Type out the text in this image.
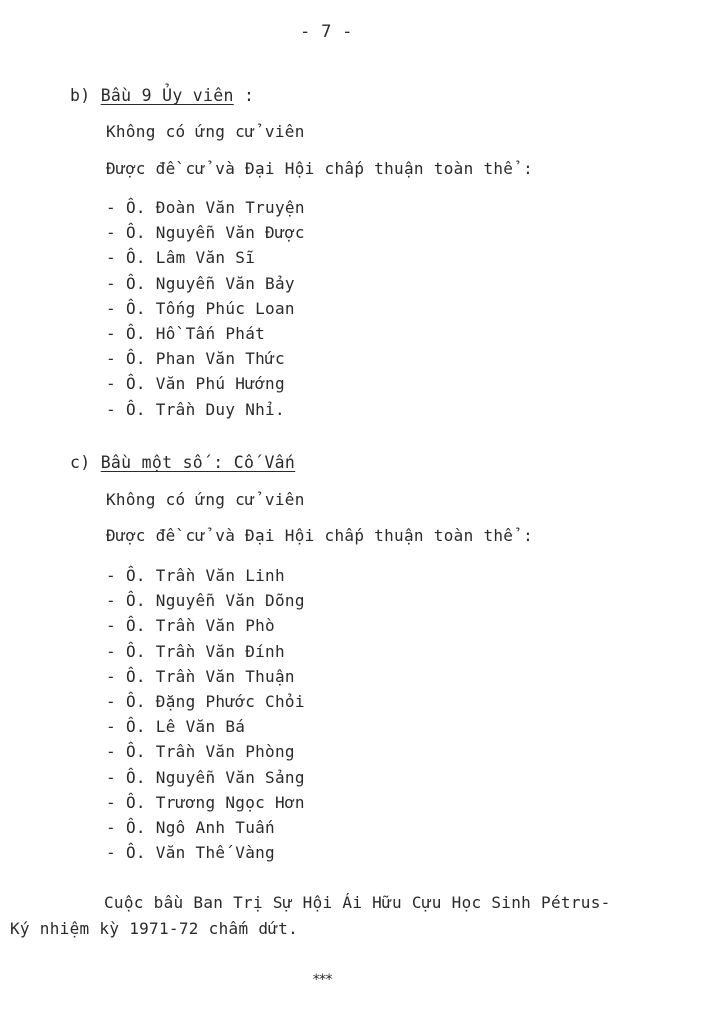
- 7 -
b) Bầu 9 Ủy viên :
Không có ứng cử viên
Được đề cử và Đại Hội chấp thuận toàn thể :
- Ô. Đoàn Văn Truyện
- Ô. Nguyễn Văn Được
- Ô. Lâm Văn Sĩ
- Ô. Nguyễn Văn Bảy
- Ô. Tống Phúc Loan
- Ô. Hồ Tấn Phát
- Ô. Phan Văn Thức
- Ô. Văn Phú Hướng
- Ô. Trần Duy Nhỉ.
c) Bầu một số : Cố Vấn
Không có ứng cử viên
Được đề cử và Đại Hội chấp thuận toàn thể :
- Ô. Trần Văn Linh
- Ô. Nguyễn Văn Dõng
- Ô. Trần Văn Phò
- Ô. Trần Văn Đính
- Ô. Trần Văn Thuận
- Ô. Đặng Phước Chỏi
- Ô. Lê Văn Bá
- Ô. Trần Văn Phòng
- Ô. Nguyễn Văn Sảng
- Ô. Trương Ngọc Hơn
- Ô. Ngô Anh Tuấn
- Ô. Văn Thế Vàng
Cuộc bầu Ban Trị Sự Hội Ái Hữu Cựu Học Sinh Pétrus-
Ký nhiệm kỳ 1971-72 chấm dứt.
***
